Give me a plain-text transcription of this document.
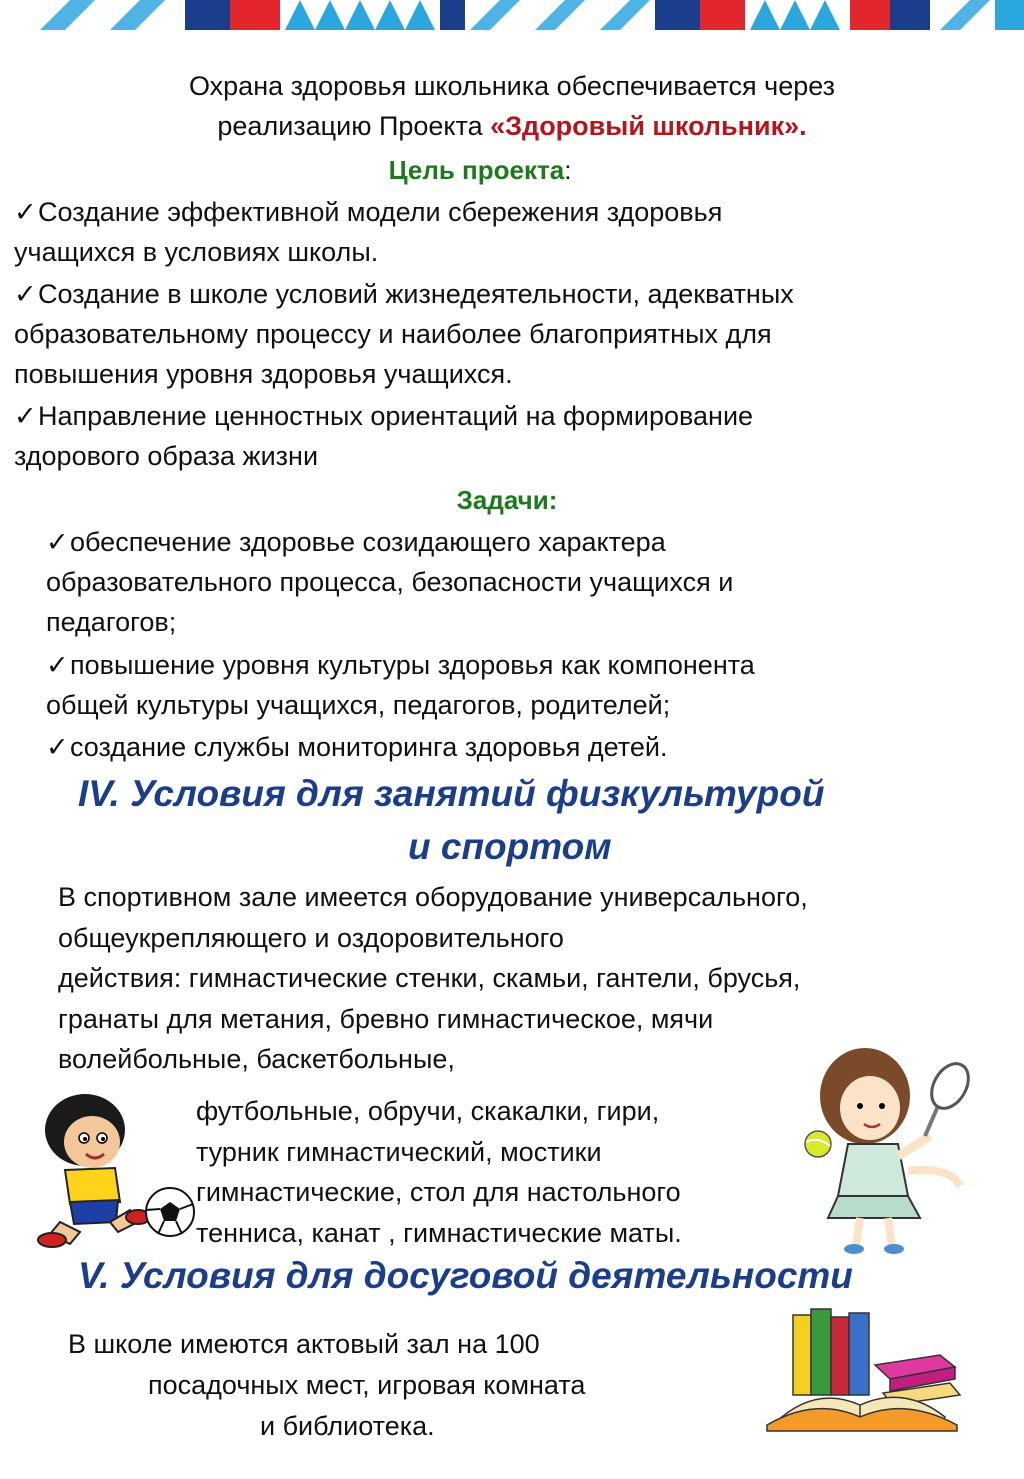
Охрана здоровья школьника обеспечивается через
реализацию Проекта «Здоровый школьник».
Цель проекта:
✓Создание эффективной модели сбережения здоровья
учащихся в условиях школы.
✓Создание в школе условий жизнедеятельности, адекватных
образовательному процессу и наиболее благоприятных для
повышения уровня здоровья учащихся.
✓Направление ценностных ориентаций на формирование
здорового образа жизни
Задачи:
✓обеспечение здоровье созидающего характера
образовательного процесса, безопасности учащихся и
педагогов;
✓повышение уровня культуры здоровья как компонента
общей культуры учащихся, педагогов, родителей;
✓создание службы мониторинга здоровья детей.
IV. Условия для занятий физкультурой
и спортом
В спортивном зале имеется оборудование универсального,
общеукрепляющего и оздоровительного
действия: гимнастические стенки, скамьи, гантели, брусья,
гранаты для метания, бревно гимнастическое, мячи
волейбольные, баскетбольные,
футбольные, обручи, скакалки, гири,
турник гимнастический, мостики
гимнастические, стол для настольного
тенниса, канат , гимнастические маты.
V. Условия для досуговой деятельности
В школе имеются актовый зал на 100
посадочных мест, игровая комната
и библиотека.
